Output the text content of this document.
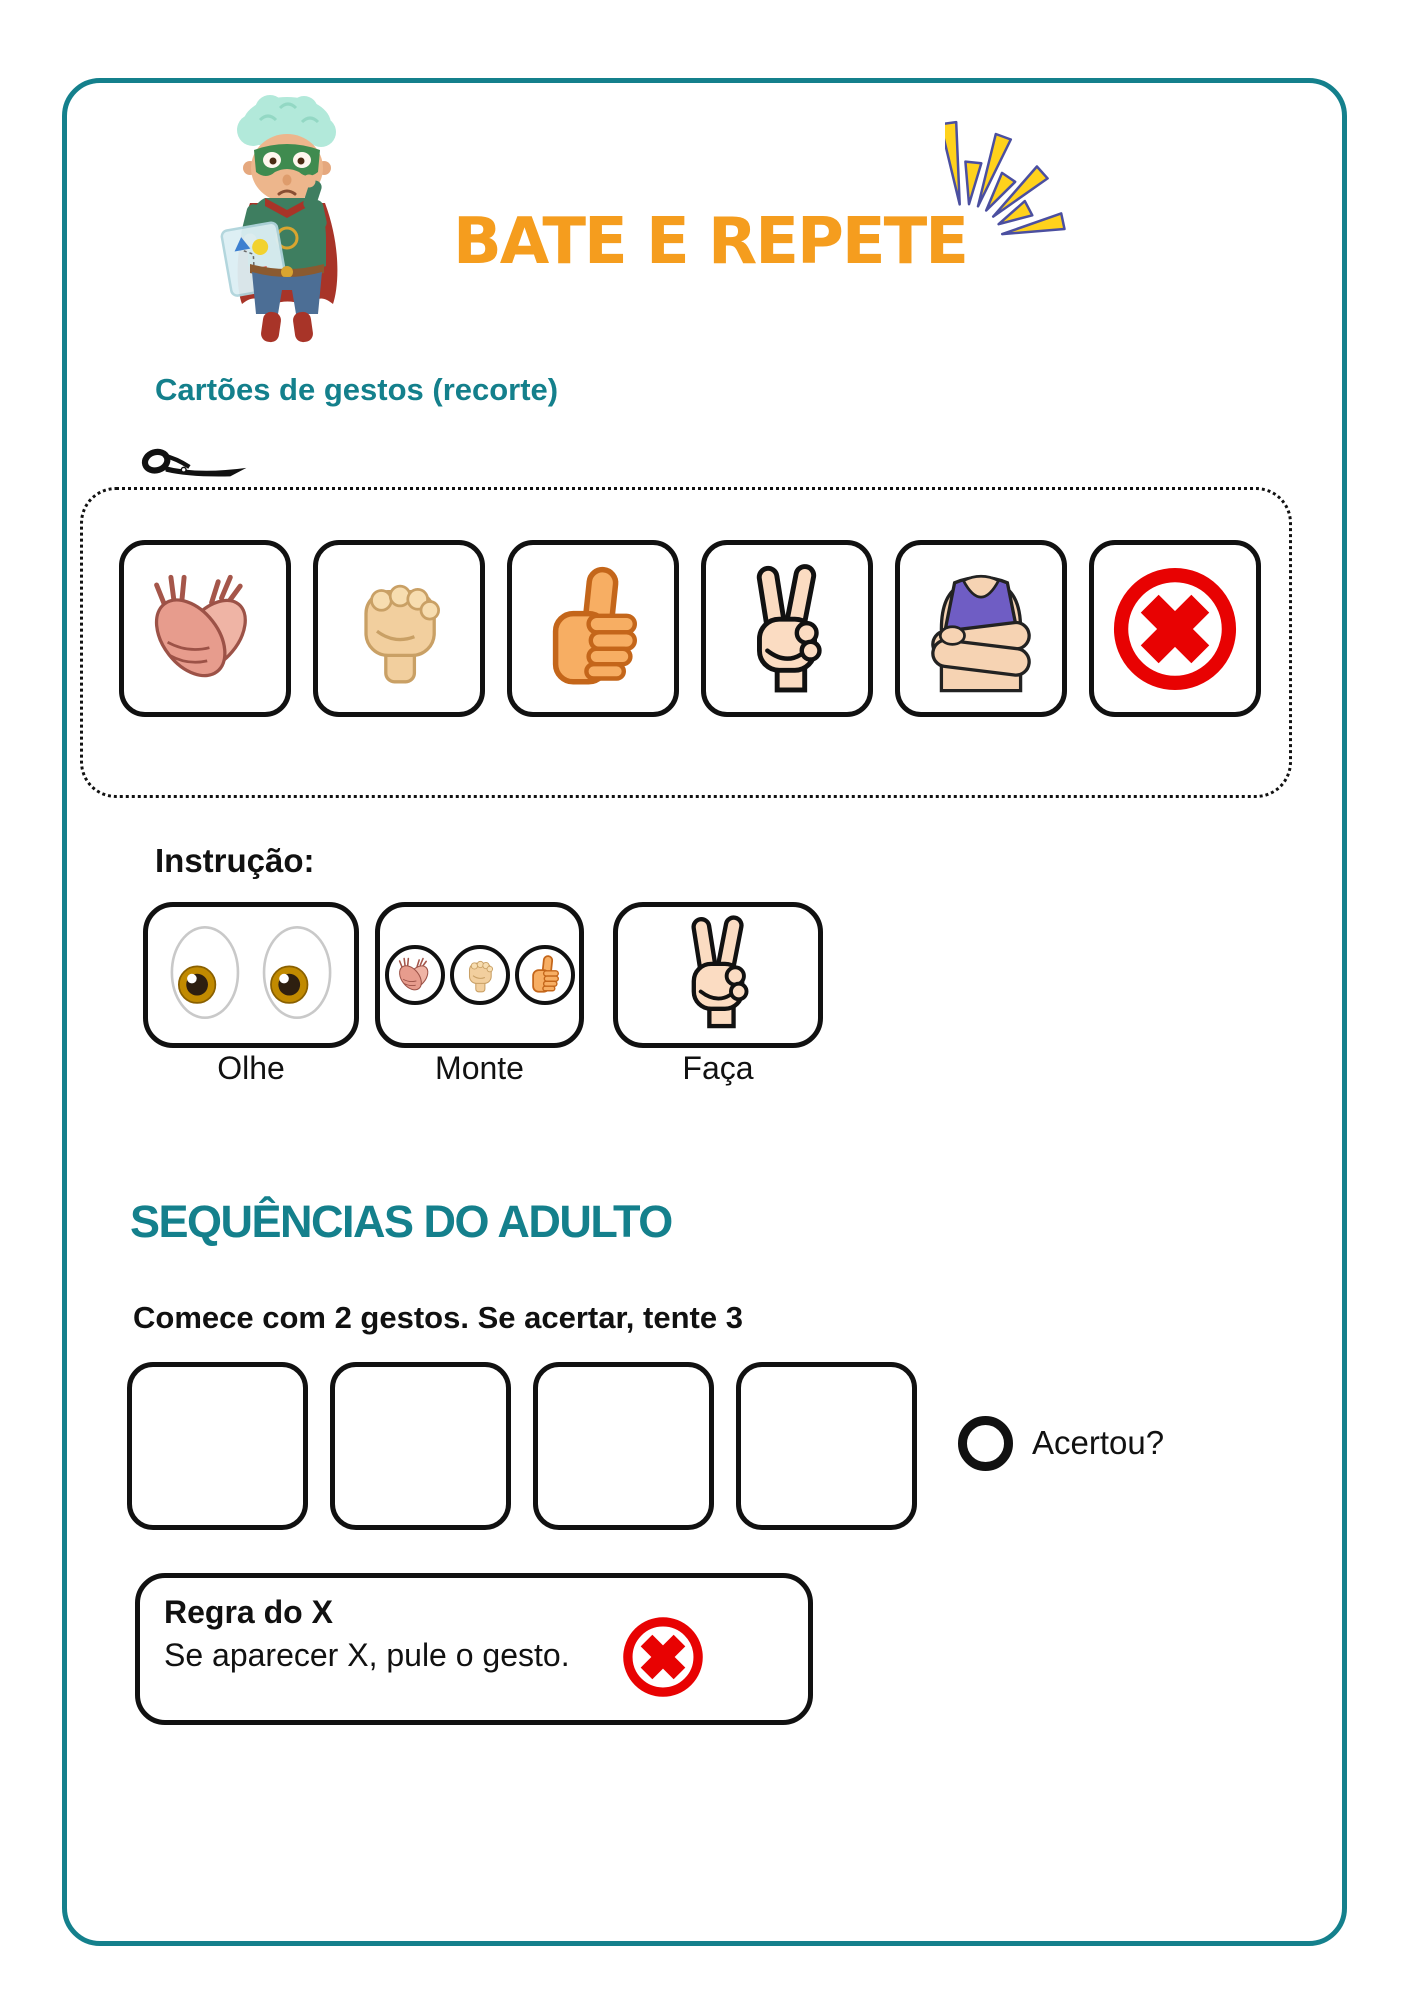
BATE E REPETE
Cartões de gestos (recorte)
Instrução:
Olhe	Monte	Faça
SEQUÊNCIAS DO ADULTO
Comece com 2 gestos. Se acertar, tente 3
Acertou?
Regra do X
Se aparecer X, pule o gesto.
